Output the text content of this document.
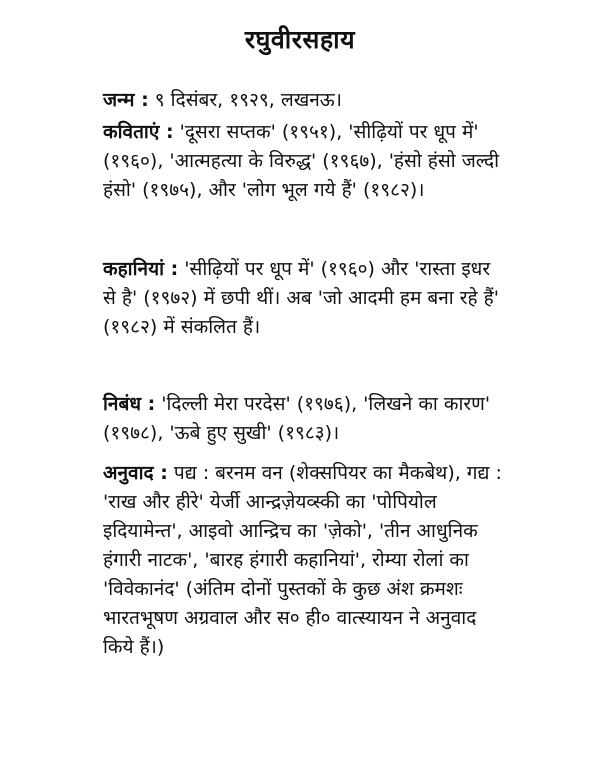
रघुवीरसहाय
जन्म : ९ दिसंबर, १९२९, लखनऊ।
कविताएं : 'दूसरा सप्तक' (१९५१), 'सीढ़ियों पर धूप में' (१९६०), 'आत्महत्या के विरुद्ध' (१९६७), 'हंसो हंसो जल्दी हंसो' (१९७५), और 'लोग भूल गये हैं' (१९८२)।
कहानियां : 'सीढ़ियों पर धूप में' (१९६०) और 'रास्ता इधर से है' (१९७२) में छपी थीं। अब 'जो आदमी हम बना रहे हैं' (१९८२) में संकलित हैं।
निबंध : 'दिल्ली मेरा परदेस' (१९७६), 'लिखने का कारण' (१९७८), 'ऊबे हुए सुखी' (१९८३)।
अनुवाद : पद्य : बरनम वन (शेक्सपियर का मैकबेथ), गद्य : 'राख और हीरे' येर्जी आन्द्रज़ेयव्स्की का 'पोपियोल इदियामेन्त', आइवो आन्द्रिच का 'ज़ेको', 'तीन आधुनिक हंगारी नाटक', 'बारह हंगारी कहानियां', रोम्या रोलां का 'विवेकानंद' (अंतिम दोनों पुस्तकों के कुछ अंश क्रमशः भारतभूषण अग्रवाल और स० ही० वात्स्यायन ने अनुवाद किये हैं।)
